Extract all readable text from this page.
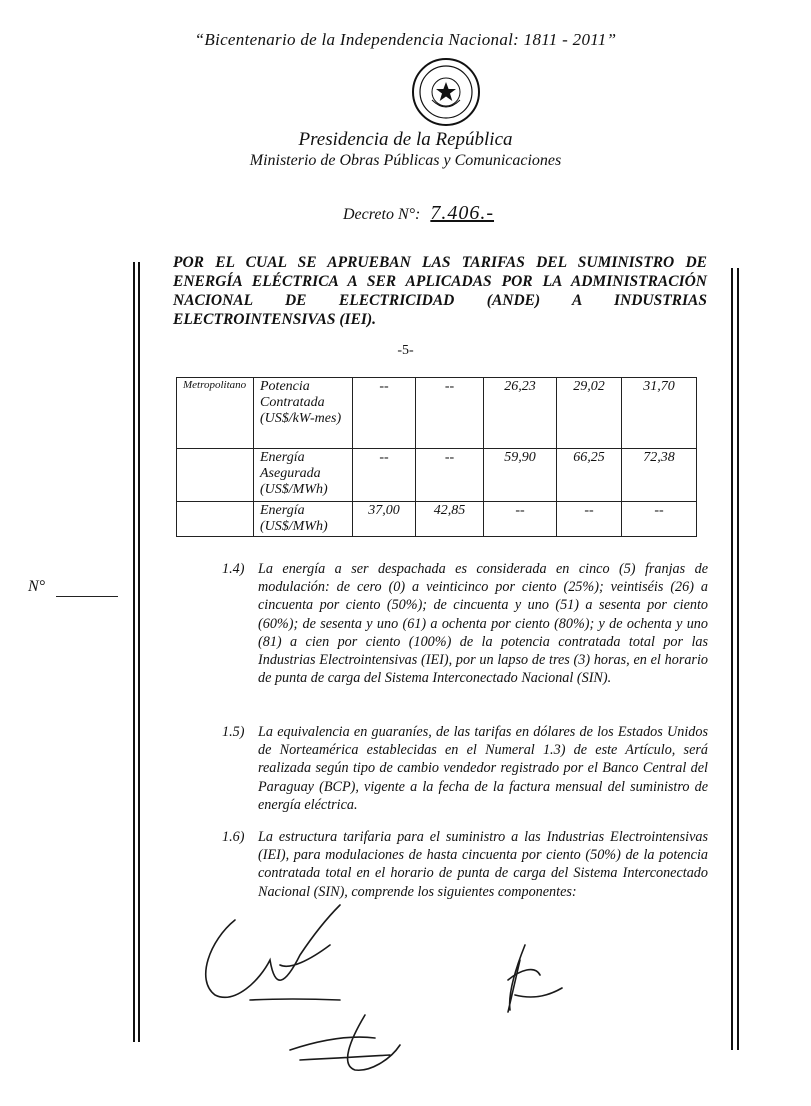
“Bicentenario de la Independencia Nacional: 1811 - 2011”
Presidencia de la República
Ministerio de Obras Públicas y Comunicaciones
Decreto N°: 7.406.-
POR EL CUAL SE APRUEBAN LAS TARIFAS DEL SUMINISTRO DE ENERGÍA ELÉCTRICA A SER APLICADAS POR LA ADMINISTRACIÓN NACIONAL DE ELECTRICIDAD (ANDE) A INDUSTRIAS ELECTROINTENSIVAS (IEI).
-5-
Metropolitano	Potencia Contratada (US$/kW-mes)	--	--	26,23	29,02	31,70
	Energía Asegurada (US$/MWh)	--	--	59,90	66,25	72,38
	Energía (US$/MWh)	37,00	42,85	--	--	--
1.4) La energía a ser despachada es considerada en cinco (5) franjas de modulación: de cero (0) a veinticinco por ciento (25%); veintiséis (26) a cincuenta por ciento (50%); de cincuenta y uno (51) a sesenta por ciento (60%); de sesenta y uno (61) a ochenta por ciento (80%); y de ochenta y uno (81) a cien por ciento (100%) de la potencia contratada total por las Industrias Electrointensivas (IEI), por un lapso de tres (3) horas, en el horario de punta de carga del Sistema Interconectado Nacional (SIN).
1.5) La equivalencia en guaraníes, de las tarifas en dólares de los Estados Unidos de Norteamérica establecidas en el Numeral 1.3) de este Artículo, será realizada según tipo de cambio vendedor registrado por el Banco Central del Paraguay (BCP), vigente a la fecha de la factura mensual del suministro de energía eléctrica.
1.6) La estructura tarifaria para el suministro a las Industrias Electrointensivas (IEI), para modulaciones de hasta cincuenta por ciento (50%) de la potencia contratada total en el horario de punta de carga del Sistema Interconectado Nacional (SIN), comprende los siguientes componentes:
N°
